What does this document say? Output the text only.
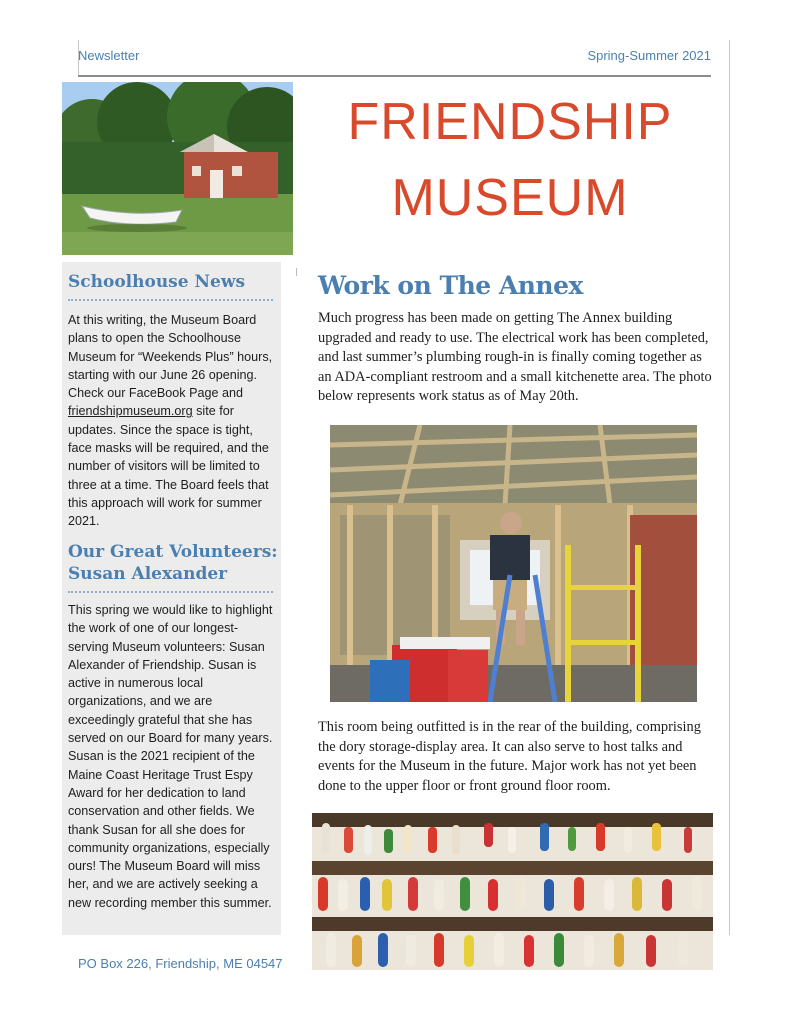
Newsletter	Spring-Summer 2021
FRIENDSHIP
MUSEUM
Schoolhouse News
At this writing, the Museum Board plans to open the Schoolhouse Museum for “Weekends Plus” hours, starting with our June 26 opening. Check our FaceBook Page and friendshipmuseum.org site for updates. Since the space is tight, face masks will be required, and the number of visitors will be limited to three at a time. The Board feels that this approach will work for summer 2021.
Our Great Volunteers:
Susan Alexander
This spring we would like to highlight the work of one of our longest-serving Museum volunteers: Susan Alexander of Friendship. Susan is active in numerous local organizations, and we are exceedingly grateful that she has served on our Board for many years. Susan is the 2021 recipient of the Maine Coast Heritage Trust Espy Award for her dedication to land conservation and other fields. We thank Susan for all she does for community organizations, especially ours! The Museum Board will miss her, and we are actively seeking a new recording member this summer.
Work on The Annex
Much progress has been made on getting The Annex building upgraded and ready to use. The electrical work has been completed, and last summer’s plumbing rough-in is finally coming together as an ADA-compliant restroom and a small kitchenette area. The photo below represents work status as of May 20th.
This room being outfitted is in the rear of the building, comprising the dory storage-display area. It can also serve to host talks and events for the Museum in the future. Major work has not yet been done to the upper floor or front ground floor room.
PO Box 226, Friendship, ME 04547
